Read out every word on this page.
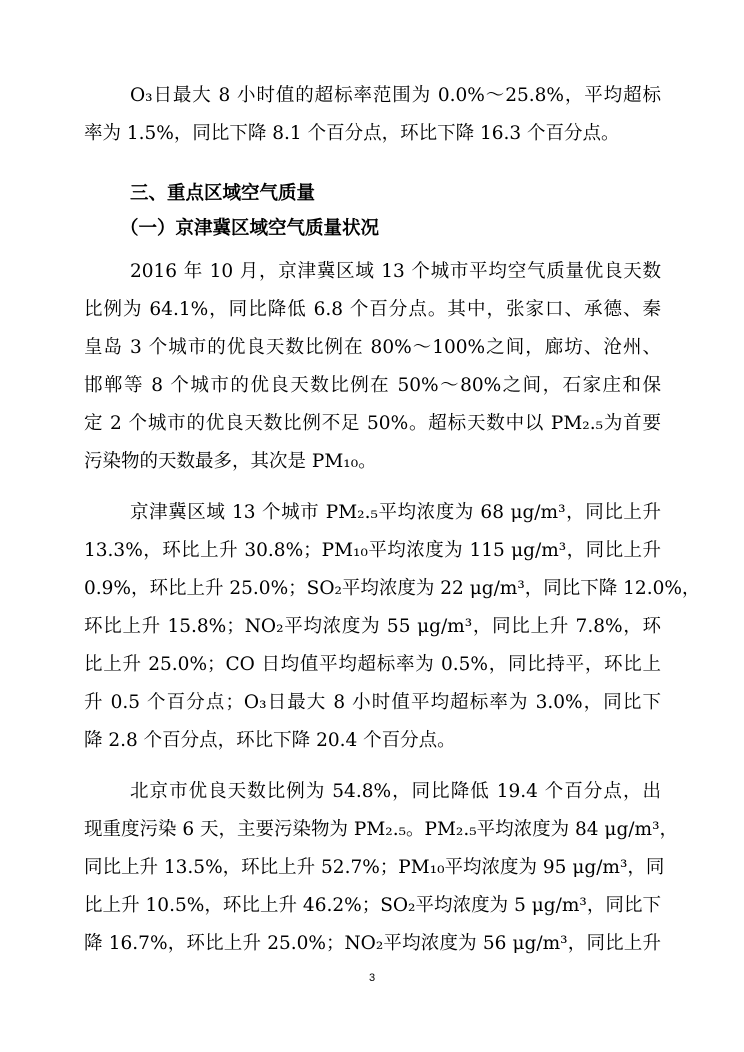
O₃日最大 8 小时值的超标率范围为 0.0%～25.8%，平均超标

率为 1.5%，同比下降 8.1 个百分点，环比下降 16.3 个百分点。

三、重点区域空气质量
（一）京津冀区域空气质量状况

2016 年 10 月，京津冀区域 13 个城市平均空气质量优良天数

比例为 64.1%，同比降低 6.8 个百分点。其中，张家口、承德、秦

皇岛 3 个城市的优良天数比例在 80%～100%之间，廊坊、沧州、

邯郸等 8 个城市的优良天数比例在 50%～80%之间，石家庄和保

定 2 个城市的优良天数比例不足 50%。超标天数中以 PM₂.₅为首要

污染物的天数最多，其次是 PM₁₀。

京津冀区域 13 个城市 PM₂.₅平均浓度为 68 μg/m³，同比上升

13.3%，环比上升 30.8%；PM₁₀平均浓度为 115 μg/m³，同比上升

0.9%，环比上升 25.0%；SO₂平均浓度为 22 μg/m³，同比下降 12.0%，

环比上升 15.8%；NO₂平均浓度为 55 μg/m³，同比上升 7.8%，环

比上升 25.0%；CO 日均值平均超标率为 0.5%，同比持平，环比上

升 0.5 个百分点；O₃日最大 8 小时值平均超标率为 3.0%，同比下

降 2.8 个百分点，环比下降 20.4 个百分点。

北京市优良天数比例为 54.8%，同比降低 19.4 个百分点，出

现重度污染 6 天，主要污染物为 PM₂.₅。PM₂.₅平均浓度为 84 μg/m³，

同比上升 13.5%，环比上升 52.7%；PM₁₀平均浓度为 95 μg/m³，同

比上升 10.5%，环比上升 46.2%；SO₂平均浓度为 5 μg/m³，同比下

降 16.7%，环比上升 25.0%；NO₂平均浓度为 56 μg/m³，同比上升

3
